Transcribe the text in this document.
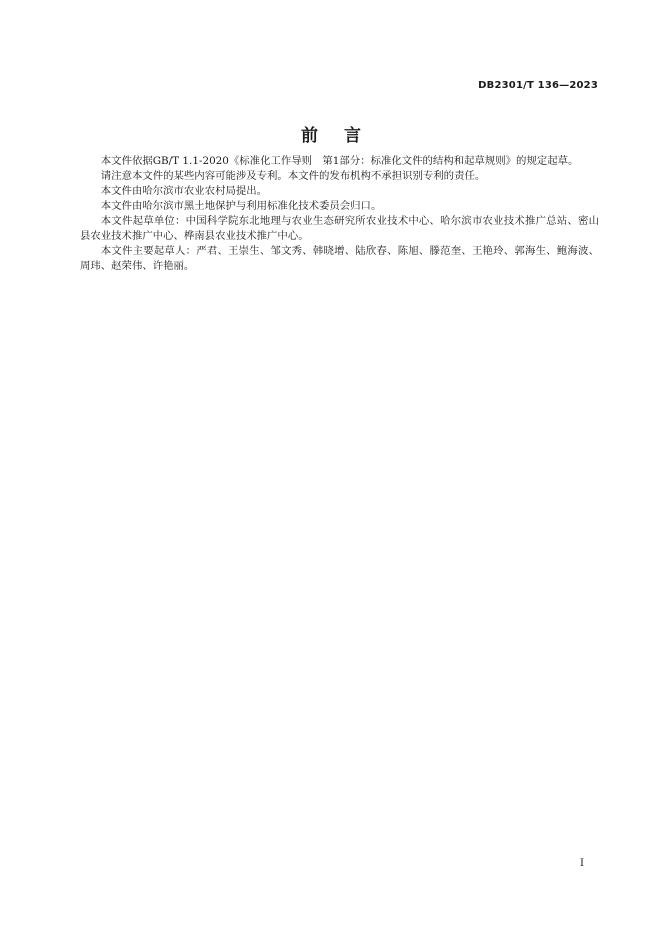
DB2301/T 136—2023
前言

本文件依据GB/T 1.1-2020《标准化工作导则　第1部分：标准化文件的结构和起草规则》的规定起草。

请注意本文件的某些内容可能涉及专利。本文件的发布机构不承担识别专利的责任。

本文件由哈尔滨市农业农村局提出。

本文件由哈尔滨市黑土地保护与利用标准化技术委员会归口。

本文件起草单位：中国科学院东北地理与农业生态研究所农业技术中心、哈尔滨市农业技术推广总站、密山县农业技术推广中心、桦南县农业技术推广中心。

本文件主要起草人：严君、王崇生、邹文秀、韩晓增、陆欣春、陈旭、滕范奎、王艳玲、郭海生、鲍海波、周玮、赵荣伟、许艳丽。

I
